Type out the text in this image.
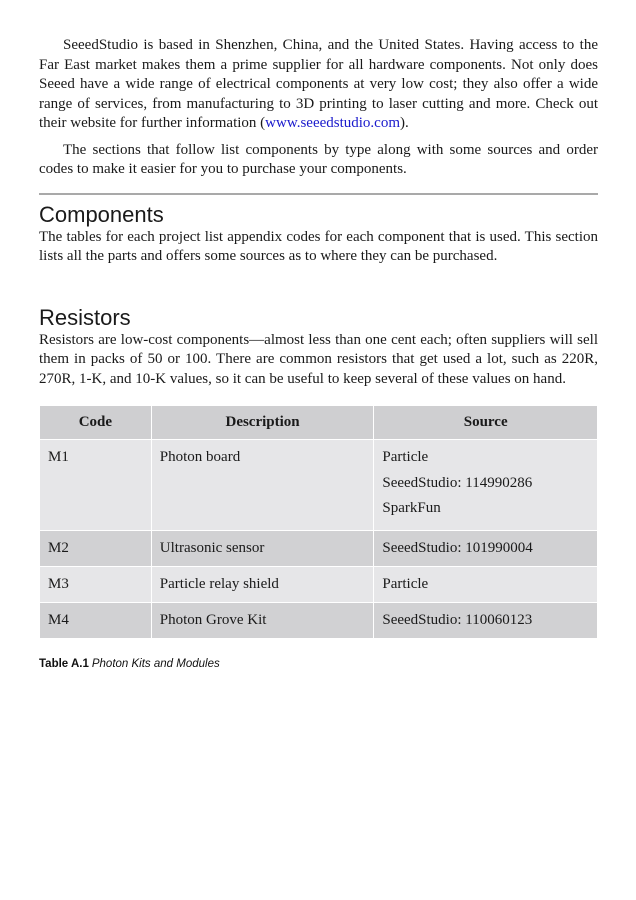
SeeedStudio is based in Shenzhen, China, and the United States. Having access to the Far East market makes them a prime supplier for all hardware components. Not only does Seeed have a wide range of electrical components at very low cost; they also offer a wide range of services, from manufacturing to 3D printing to laser cutting and more. Check out their website for further information (www.seeedstudio.com).

The sections that follow list components by type along with some sources and order codes to make it easier for you to purchase your components.

Components

The tables for each project list appendix codes for each component that is used. This section lists all the parts and offers some sources as to where they can be purchased.

Resistors

Resistors are low-cost components—almost less than one cent each; often suppliers will sell them in packs of 50 or 100. There are common resistors that get used a lot, such as 220R, 270R, 1-K, and 10-K values, so it can be useful to keep several of these values on hand.

Code	Description	Source
M1	Photon board	Particle
SeeedStudio: 114990286
SparkFun

M2	Ultrasonic sensor	SeeedStudio: 101990004
M3	Particle relay shield	Particle
M4	Photon Grove Kit	SeeedStudio: 110060123
Table A.1 Photon Kits and Modules
